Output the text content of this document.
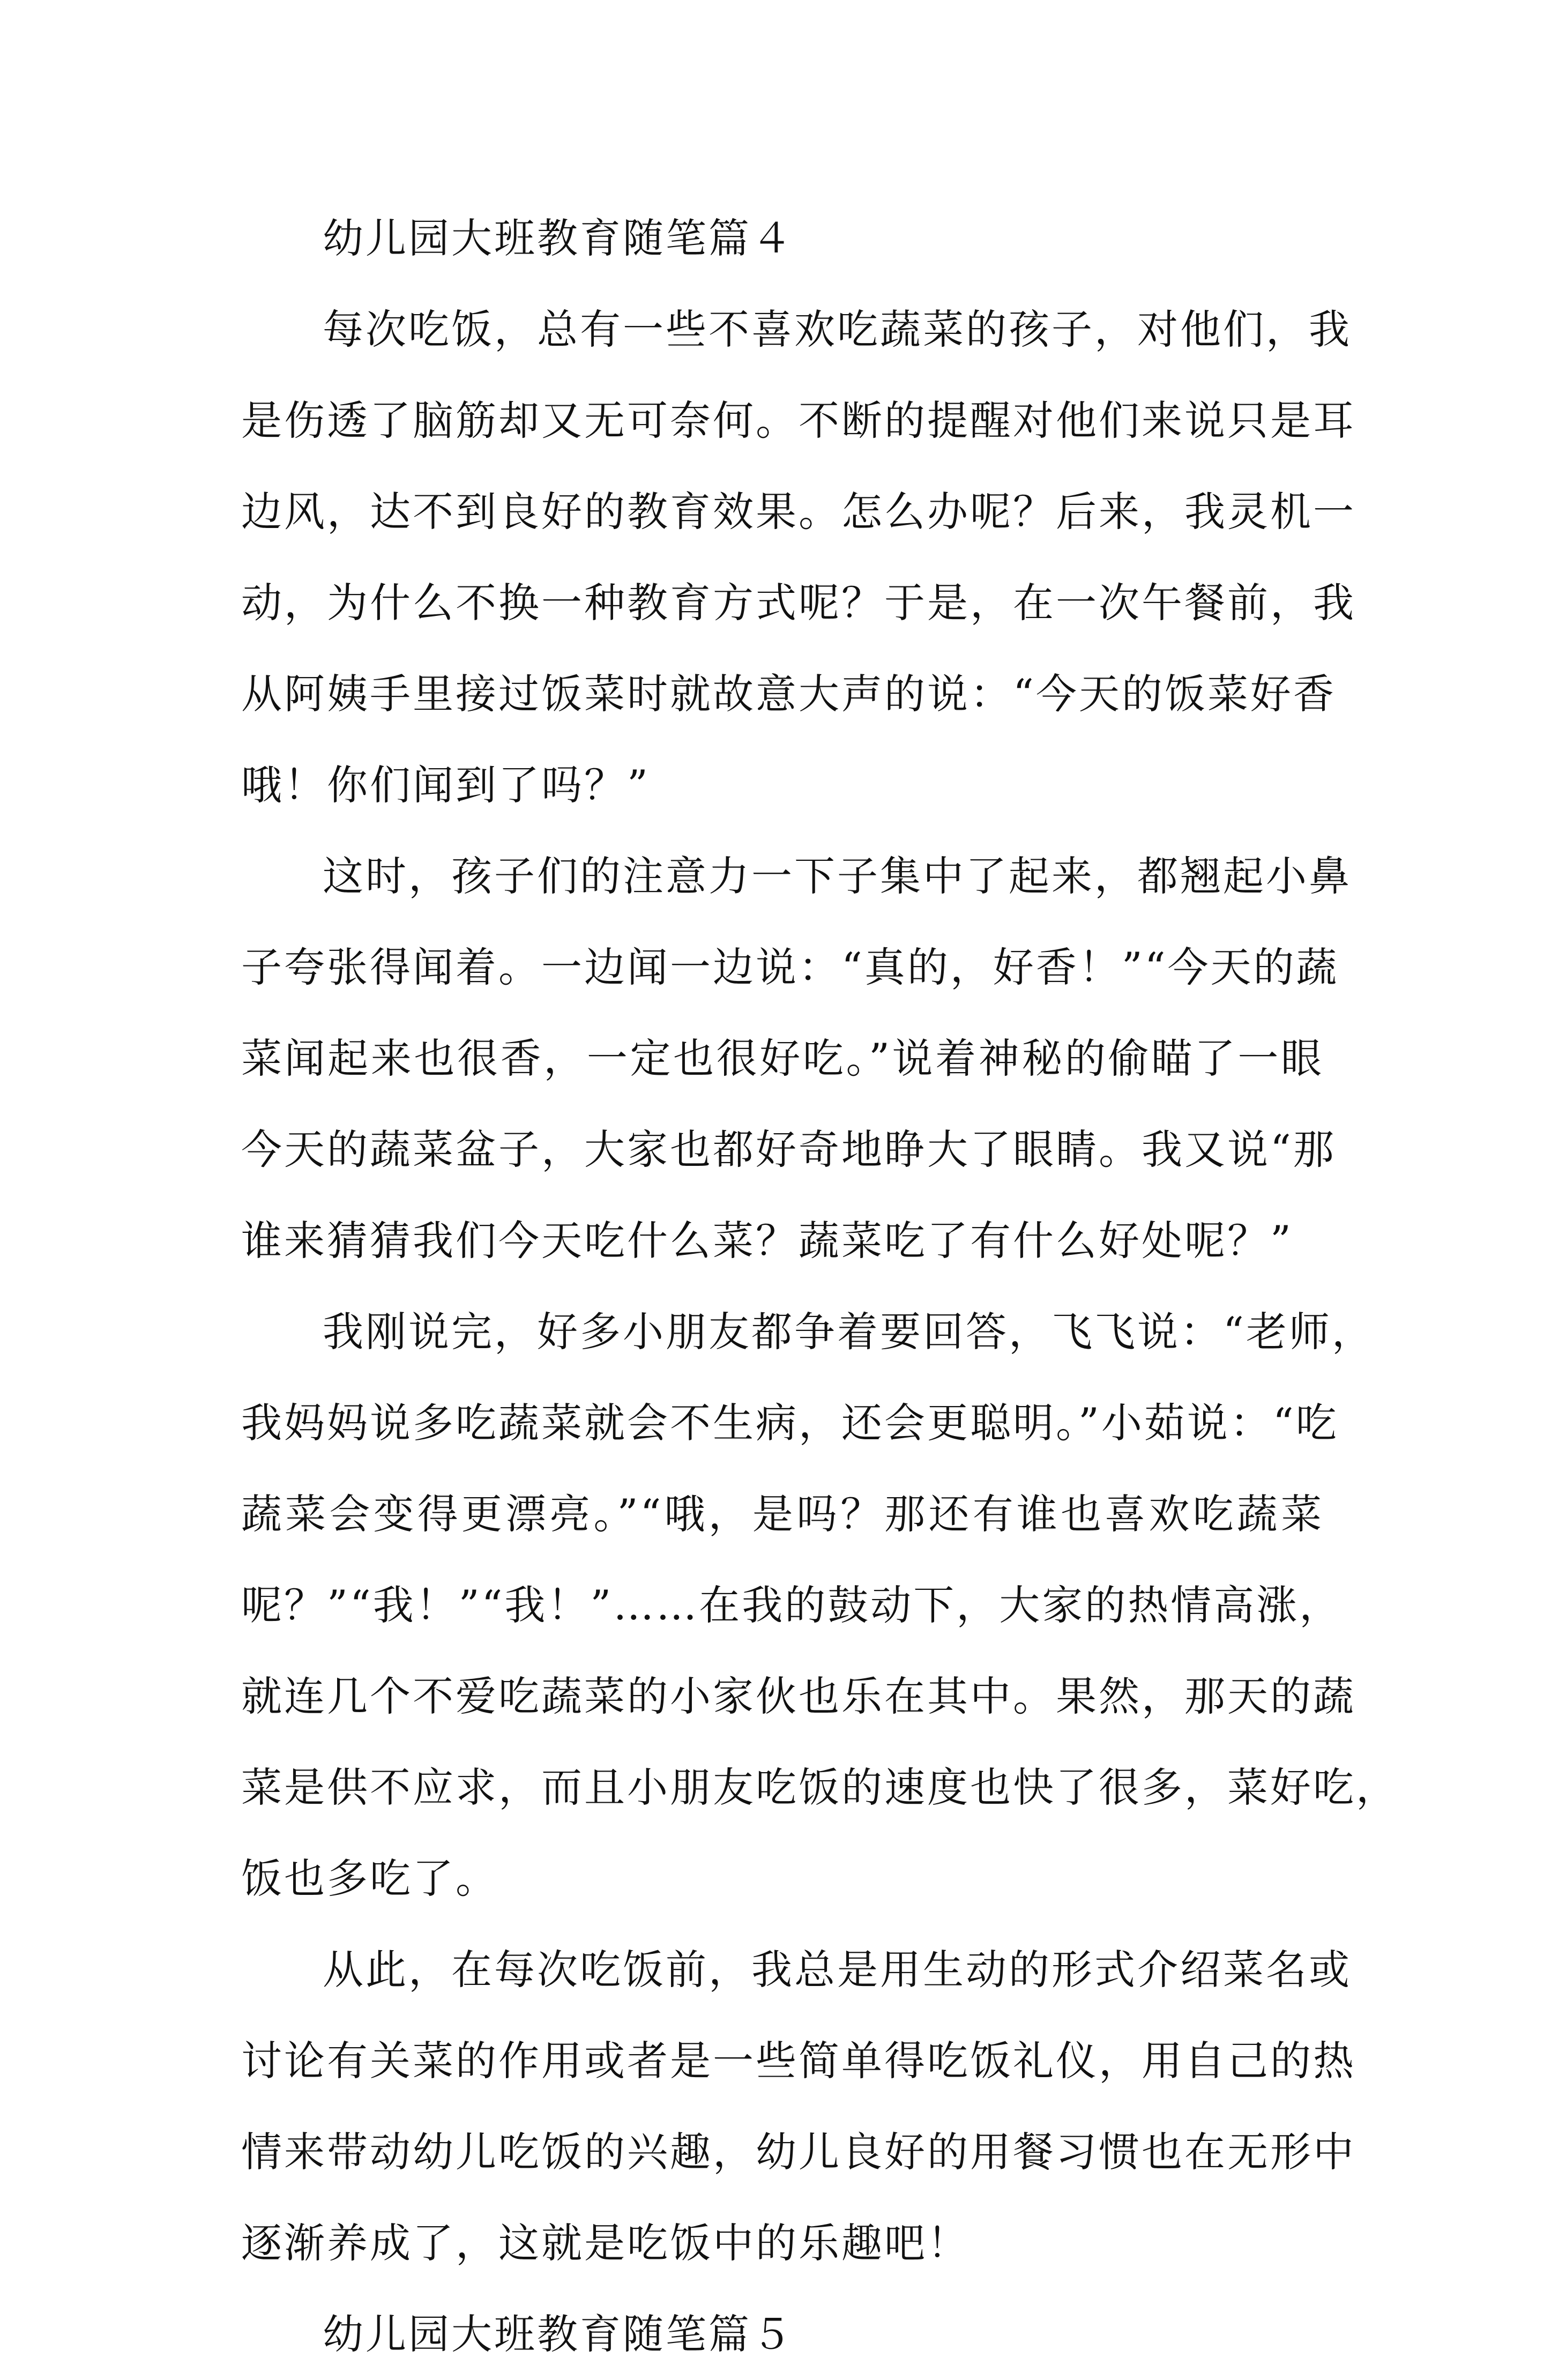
幼儿园大班教育随笔篇４
每次吃饭，总有一些不喜欢吃蔬菜的孩子，对他们，我
是伤透了脑筋却又无可奈何。不断的提醒对他们来说只是耳
边风，达不到良好的教育效果。怎么办呢？后来，我灵机一
动，为什么不换一种教育方式呢？于是，在一次午餐前，我
从阿姨手里接过饭菜时就故意大声的说：“今天的饭菜好香
哦！你们闻到了吗？”
这时，孩子们的注意力一下子集中了起来，都翘起小鼻
子夸张得闻着。一边闻一边说：“真的，好香！”“今天的蔬
菜闻起来也很香，一定也很好吃。”说着神秘的偷瞄了一眼
今天的蔬菜盆子，大家也都好奇地睁大了眼睛。我又说“那
谁来猜猜我们今天吃什么菜？蔬菜吃了有什么好处呢？”
我刚说完，好多小朋友都争着要回答，飞飞说：“老师，
我妈妈说多吃蔬菜就会不生病，还会更聪明。”小茹说：“吃
蔬菜会变得更漂亮。”“哦，是吗？那还有谁也喜欢吃蔬菜
呢？”“我！”“我！”……在我的鼓动下，大家的热情高涨，
就连几个不爱吃蔬菜的小家伙也乐在其中。果然，那天的蔬
菜是供不应求，而且小朋友吃饭的速度也快了很多，菜好吃，
饭也多吃了。
从此，在每次吃饭前，我总是用生动的形式介绍菜名或
讨论有关菜的作用或者是一些简单得吃饭礼仪，用自己的热
情来带动幼儿吃饭的兴趣，幼儿良好的用餐习惯也在无形中
逐渐养成了，这就是吃饭中的乐趣吧！
幼儿园大班教育随笔篇５
